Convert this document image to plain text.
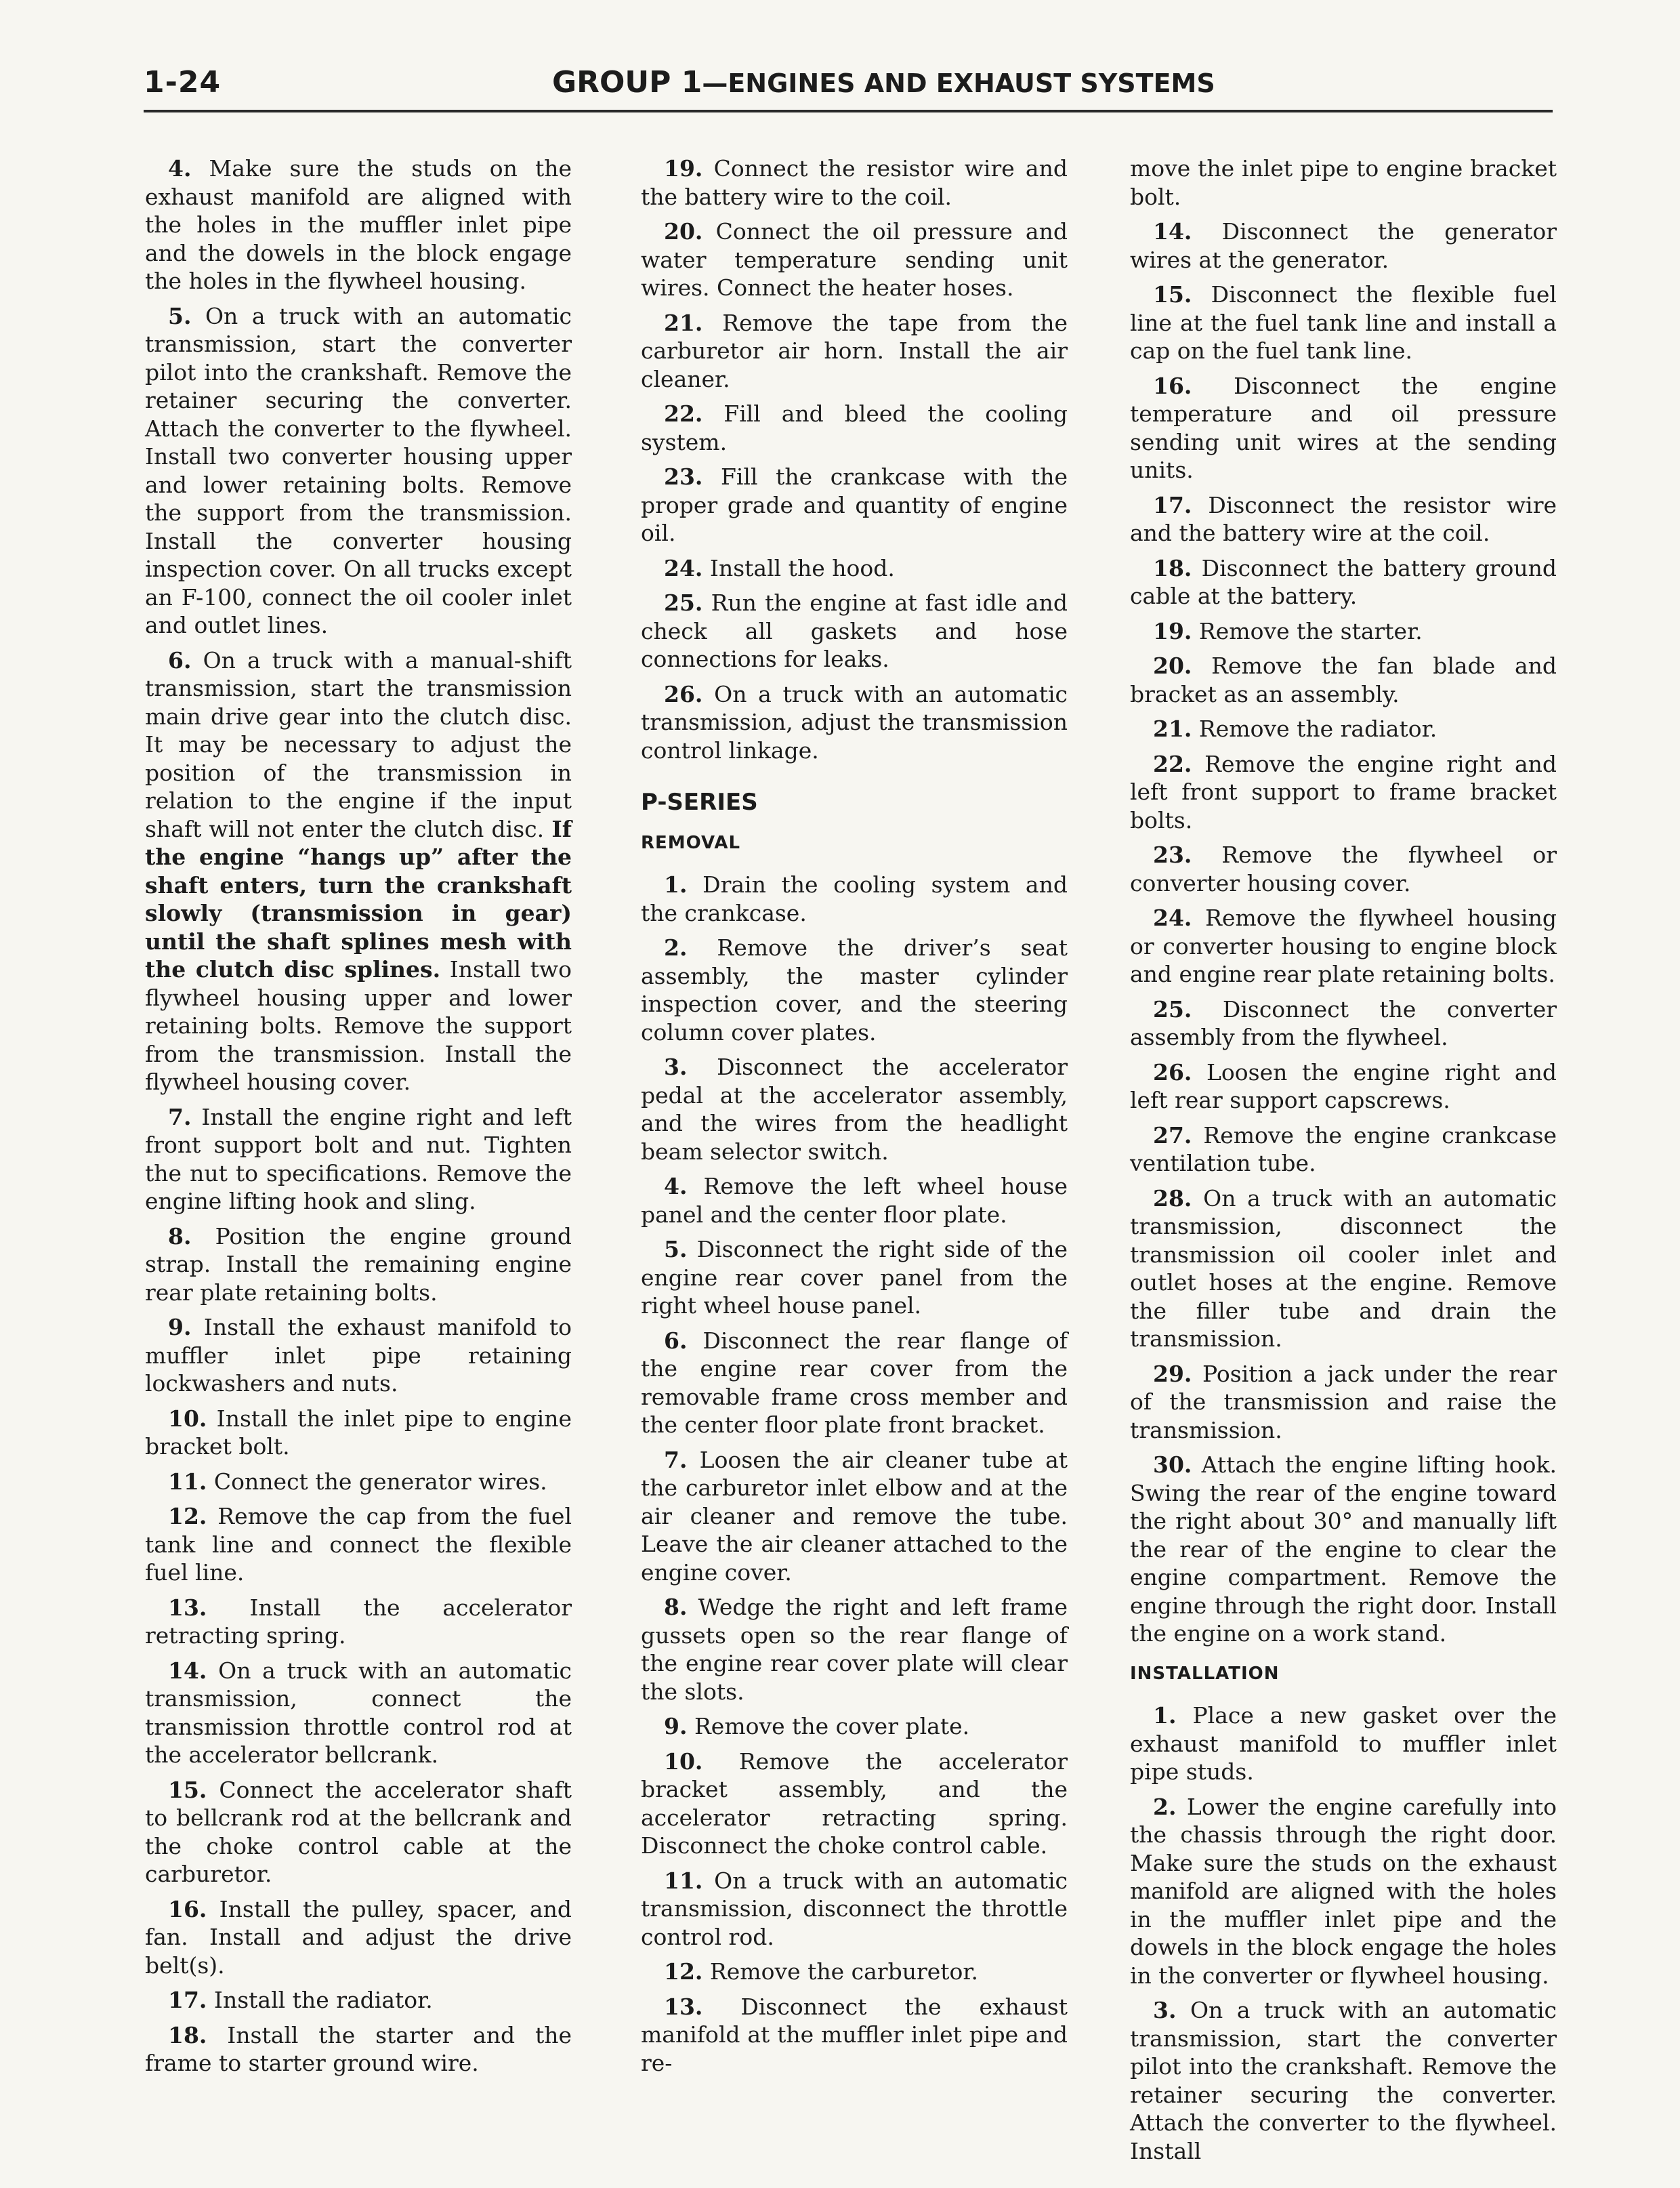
1-24	GROUP 1—ENGINES AND EXHAUST SYSTEMS

4. Make sure the studs on the exhaust manifold are aligned with the holes in the muffler inlet pipe and the dowels in the block engage the holes in the flywheel housing.

5. On a truck with an automatic transmission, start the converter pilot into the crankshaft. Remove the retainer securing the converter. Attach the converter to the flywheel. Install two converter housing upper and lower retaining bolts. Remove the support from the transmission. Install the converter housing inspection cover. On all trucks except an F-100, connect the oil cooler inlet and outlet lines.

6. On a truck with a manual-shift transmission, start the transmission main drive gear into the clutch disc. It may be necessary to adjust the position of the transmission in relation to the engine if the input shaft will not enter the clutch disc. If the engine “hangs up” after the shaft enters, turn the crankshaft slowly (transmission in gear) until the shaft splines mesh with the clutch disc splines. Install two flywheel housing upper and lower retaining bolts. Remove the support from the transmission. Install the flywheel housing cover.

7. Install the engine right and left front support bolt and nut. Tighten the nut to specifications. Remove the engine lifting hook and sling.

8. Position the engine ground strap. Install the remaining engine rear plate retaining bolts.

9. Install the exhaust manifold to muffler inlet pipe retaining lockwashers and nuts.

10. Install the inlet pipe to engine bracket bolt.

11. Connect the generator wires.

12. Remove the cap from the fuel tank line and connect the flexible fuel line.

13. Install the accelerator retracting spring.

14. On a truck with an automatic transmission, connect the transmission throttle control rod at the accelerator bellcrank.

15. Connect the accelerator shaft to bellcrank rod at the bellcrank and the choke control cable at the carburetor.

16. Install the pulley, spacer, and fan. Install and adjust the drive belt(s).

17. Install the radiator.

18. Install the starter and the frame to starter ground wire.

19. Connect the resistor wire and the battery wire to the coil.

20. Connect the oil pressure and water temperature sending unit wires. Connect the heater hoses.

21. Remove the tape from the carburetor air horn. Install the air cleaner.

22. Fill and bleed the cooling system.

23. Fill the crankcase with the proper grade and quantity of engine oil.

24. Install the hood.

25. Run the engine at fast idle and check all gaskets and hose connections for leaks.

26. On a truck with an automatic transmission, adjust the transmission control linkage.

P-SERIES
REMOVAL

1. Drain the cooling system and the crankcase.

2. Remove the driver’s seat assembly, the master cylinder inspection cover, and the steering column cover plates.

3. Disconnect the accelerator pedal at the accelerator assembly, and the wires from the headlight beam selector switch.

4. Remove the left wheel house panel and the center floor plate.

5. Disconnect the right side of the engine rear cover panel from the right wheel house panel.

6. Disconnect the rear flange of the engine rear cover from the removable frame cross member and the center floor plate front bracket.

7. Loosen the air cleaner tube at the carburetor inlet elbow and at the air cleaner and remove the tube. Leave the air cleaner attached to the engine cover.

8. Wedge the right and left frame gussets open so the rear flange of the engine rear cover plate will clear the slots.

9. Remove the cover plate.

10. Remove the accelerator bracket assembly, and the accelerator retracting spring. Disconnect the choke control cable.

11. On a truck with an automatic transmission, disconnect the throttle control rod.

12. Remove the carburetor.

13. Disconnect the exhaust manifold at the muffler inlet pipe and re-

move the inlet pipe to engine bracket bolt.

14. Disconnect the generator wires at the generator.

15. Disconnect the flexible fuel line at the fuel tank line and install a cap on the fuel tank line.

16. Disconnect the engine temperature and oil pressure sending unit wires at the sending units.

17. Disconnect the resistor wire and the battery wire at the coil.

18. Disconnect the battery ground cable at the battery.

19. Remove the starter.

20. Remove the fan blade and bracket as an assembly.

21. Remove the radiator.

22. Remove the engine right and left front support to frame bracket bolts.

23. Remove the flywheel or converter housing cover.

24. Remove the flywheel housing or converter housing to engine block and engine rear plate retaining bolts.

25. Disconnect the converter assembly from the flywheel.

26. Loosen the engine right and left rear support capscrews.

27. Remove the engine crankcase ventilation tube.

28. On a truck with an automatic transmission, disconnect the transmission oil cooler inlet and outlet hoses at the engine. Remove the filler tube and drain the transmission.

29. Position a jack under the rear of the transmission and raise the transmission.

30. Attach the engine lifting hook. Swing the rear of the engine toward the right about 30° and manually lift the rear of the engine to clear the engine compartment. Remove the engine through the right door. Install the engine on a work stand.

INSTALLATION

1. Place a new gasket over the exhaust manifold to muffler inlet pipe studs.

2. Lower the engine carefully into the chassis through the right door. Make sure the studs on the exhaust manifold are aligned with the holes in the muffler inlet pipe and the dowels in the block engage the holes in the converter or flywheel housing.

3. On a truck with an automatic transmission, start the converter pilot into the crankshaft. Remove the retainer securing the converter. Attach the converter to the flywheel. Install
